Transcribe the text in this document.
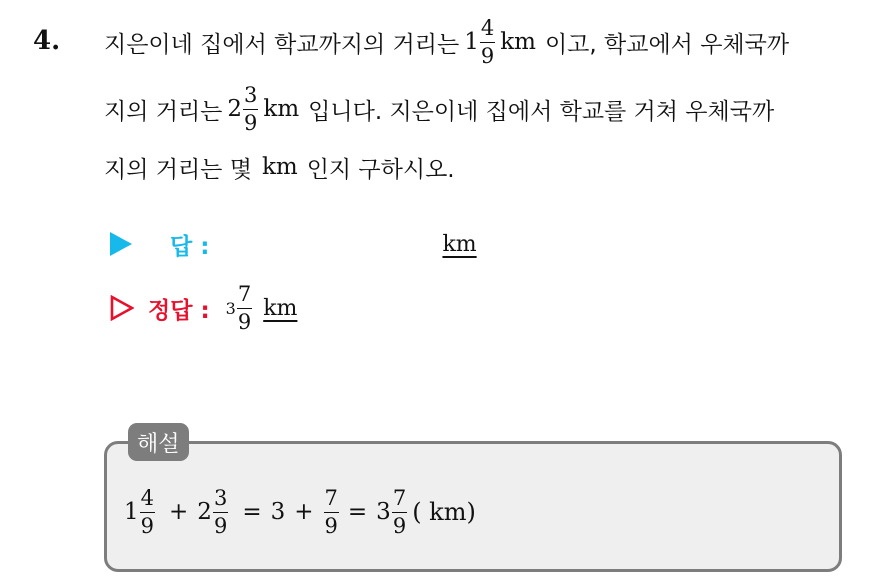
4. 지은이네 집에서 학교까지의 거리는 $1 \frac{4}{9}$ km 이고, 학교에서 우체국까
지의 거리는 $2 \frac{3}{9}$ km 입니다. 지은이네 집에서 학교를 거쳐 우체국까
지의 거리는 몇 km 인지 구하시오.
답 :	km
정답 : $3 \frac{7}{9}$ km
해설
$1 \frac{4}{9} + 2 \frac{3}{9} = 3 + \frac{7}{9} = 3 \frac{7}{9}$ ( km)
